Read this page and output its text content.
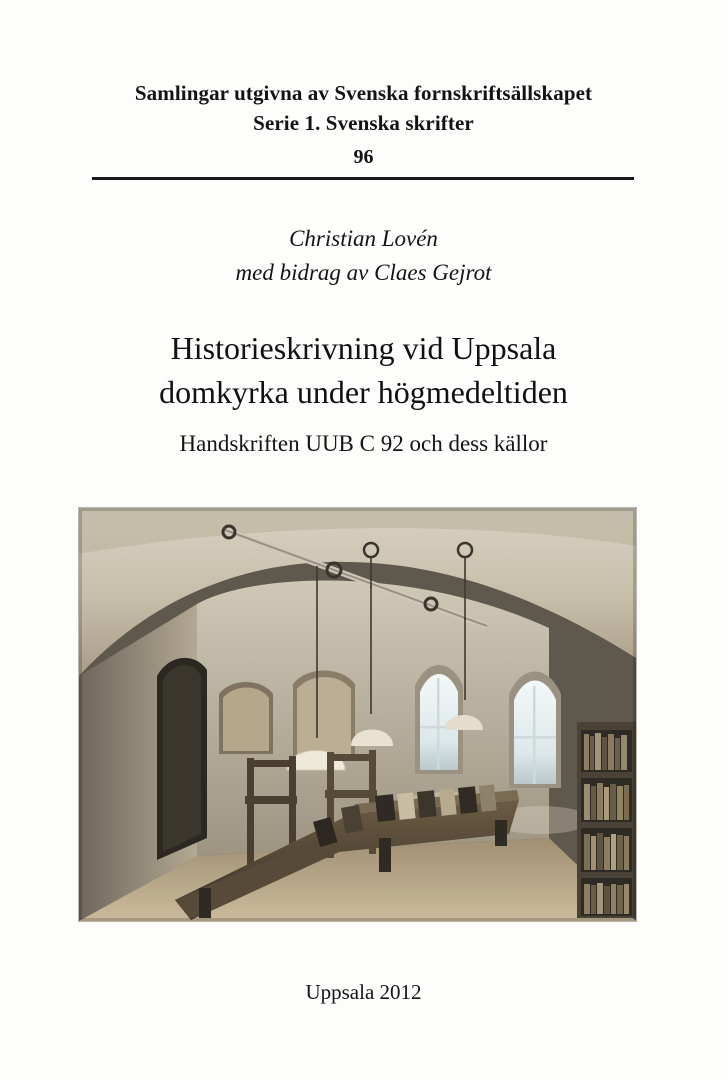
Samlingar utgivna av Svenska fornskriftsällskapet
Serie 1. Svenska skrifter
96
Christian Lovén
med bidrag av Claes Gejrot
Historieskrivning vid Uppsala
domkyrka under högmedeltiden
Handskriften UUB C 92 och dess källor
Uppsala 2012
